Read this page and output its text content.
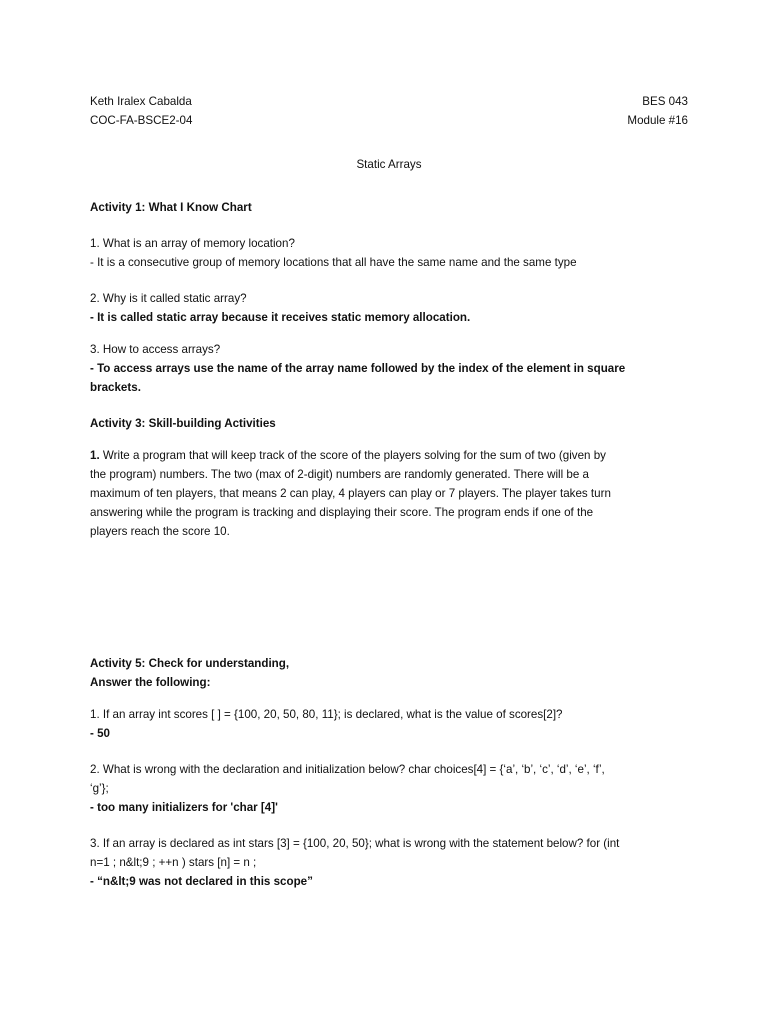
Keth Iralex Cabalda	BES 043
COC-FA-BSCE2-04	Module #16

Static Arrays

Activity 1: What I Know Chart

1. What is an array of memory location?

- It is a consecutive group of memory locations that all have the same name and the same type

2. Why is it called static array?

- It is called static array because it receives static memory allocation.

3. How to access arrays?

- To access arrays use the name of the array name followed by the index of the element in square

brackets.

Activity 3: Skill-building Activities

1. Write a program that will keep track of the score of the players solving for the sum of two (given by

the program) numbers. The two (max of 2-digit) numbers are randomly generated. There will be a

maximum of ten players, that means 2 can play, 4 players can play or 7 players. The player takes turn

answering while the program is tracking and displaying their score. The program ends if one of the

players reach the score 10.

Activity 5: Check for understanding,

Answer the following:

1. If an array int scores [ ] = {100, 20, 50, 80, 11}; is declared, what is the value of scores[2]?

- 50

2. What is wrong with the declaration and initialization below? char choices[4] = {‘a’, ‘b’, ‘c’, ‘d’, ‘e’, ‘f’,

‘g’};

- too many initializers for 'char [4]'

3. If an array is declared as int stars [3] = {100, 20, 50}; what is wrong with the statement below? for (int

n=1 ; n&lt;9 ; ++n ) stars [n] = n ;

- “n&lt;9 was not declared in this scope”
